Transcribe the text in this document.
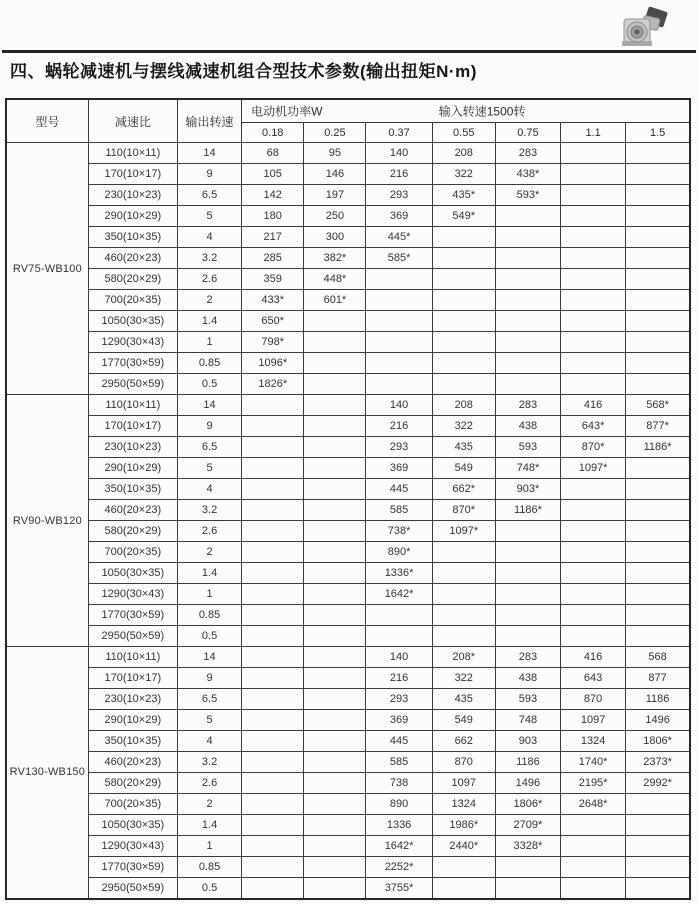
四、蜗轮减速机与摆线减速机组合型技术参数(输出扭矩N·m)
型号	减速比	输出转速	电动机功率W 输入转速1500转						

			0.18	0.25	0.37	0.55	0.75	1.1	1.5
RV75-WB100	110(10×11)	14	68	95	140	208	283		
	170(10×17)	9	105	146	216	322	438*		
	230(10×23)	6.5	142	197	293	435*	593*		
	290(10×29)	5	180	250	369	549*			
	350(10×35)	4	217	300	445*				
	460(20×23)	3.2	285	382*	585*				
	580(20×29)	2.6	359	448*					
	700(20×35)	2	433*	601*					
	1050(30×35)	1.4	650*						
	1290(30×43)	1	798*						
	1770(30×59)	0.85	1096*						
	2950(50×59)	0.5	1826*						
RV90-WB120	110(10×11)	14			140	208	283	416	568*
	170(10×17)	9			216	322	438	643*	877*
	230(10×23)	6.5			293	435	593	870*	1186*
	290(10×29)	5			369	549	748*	1097*	
	350(10×35)	4			445	662*	903*		
	460(20×23)	3.2			585	870*	1186*		
	580(20×29)	2.6			738*	1097*			
	700(20×35)	2			890*				
	1050(30×35)	1.4			1336*				
	1290(30×43)	1			1642*				
	1770(30×59)	0.85							
	2950(50×59)	0.5							
RV130-WB150	110(10×11)	14			140	208*	283	416	568
	170(10×17)	9			216	322	438	643	877
	230(10×23)	6.5			293	435	593	870	1186
	290(10×29)	5			369	549	748	1097	1496
	350(10×35)	4			445	662	903	1324	1806*
	460(20×23)	3.2			585	870	1186	1740*	2373*
	580(20×29)	2.6			738	1097	1496	2195*	2992*
	700(20×35)	2			890	1324	1806*	2648*	
	1050(30×35)	1.4			1336	1986*	2709*		
	1290(30×43)	1			1642*	2440*	3328*		
	1770(30×59)	0.85			2252*				
	2950(50×59)	0.5			3755*				
